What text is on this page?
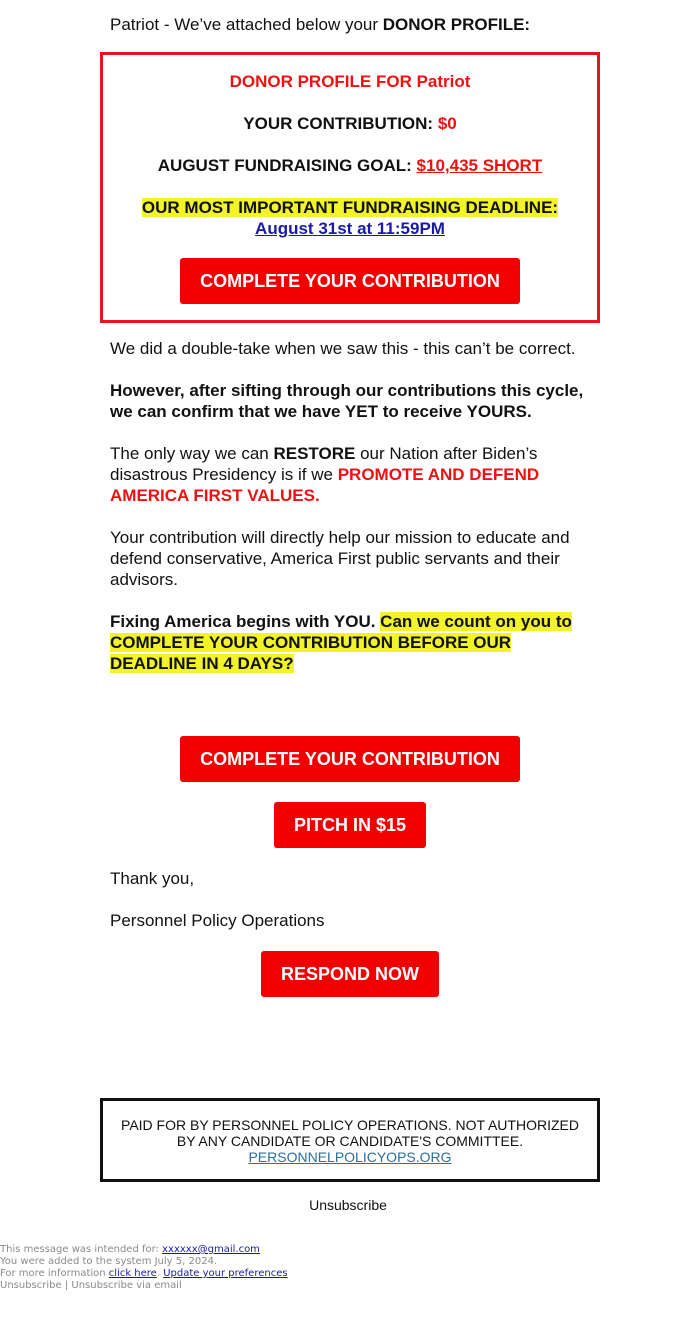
Patriot - We’ve attached below your DONOR PROFILE:

DONOR PROFILE FOR Patriot
YOUR CONTRIBUTION: $0
AUGUST FUNDRAISING GOAL: $10,435 SHORT
OUR MOST IMPORTANT FUNDRAISING DEADLINE:
August 31st at 11:59PM
COMPLETE YOUR CONTRIBUTION

We did a double-take when we saw this - this can’t be correct.

However, after sifting through our contributions this cycle, we can confirm that we have YET to receive YOURS.

The only way we can RESTORE our Nation after Biden’s disastrous Presidency is if we PROMOTE AND DEFEND AMERICA FIRST VALUES.

Your contribution will directly help our mission to educate and defend conservative, America First public servants and their advisors.

Fixing America begins with YOU. Can we count on you to COMPLETE YOUR CONTRIBUTION BEFORE OUR DEADLINE IN 4 DAYS?

COMPLETE YOUR CONTRIBUTION
PITCH IN $15

Thank you,

Personnel Policy Operations

RESPOND NOW
PAID FOR BY PERSONNEL POLICY OPERATIONS. NOT AUTHORIZED BY ANY CANDIDATE OR CANDIDATE'S COMMITTEE.
PERSONNELPOLICYOPS.ORG
Unsubscribe
This message was intended for: xxxxxx@gmail.com
You were added to the system July 5, 2024.
For more information click here. Update your preferences
Unsubscribe | Unsubscribe via email
